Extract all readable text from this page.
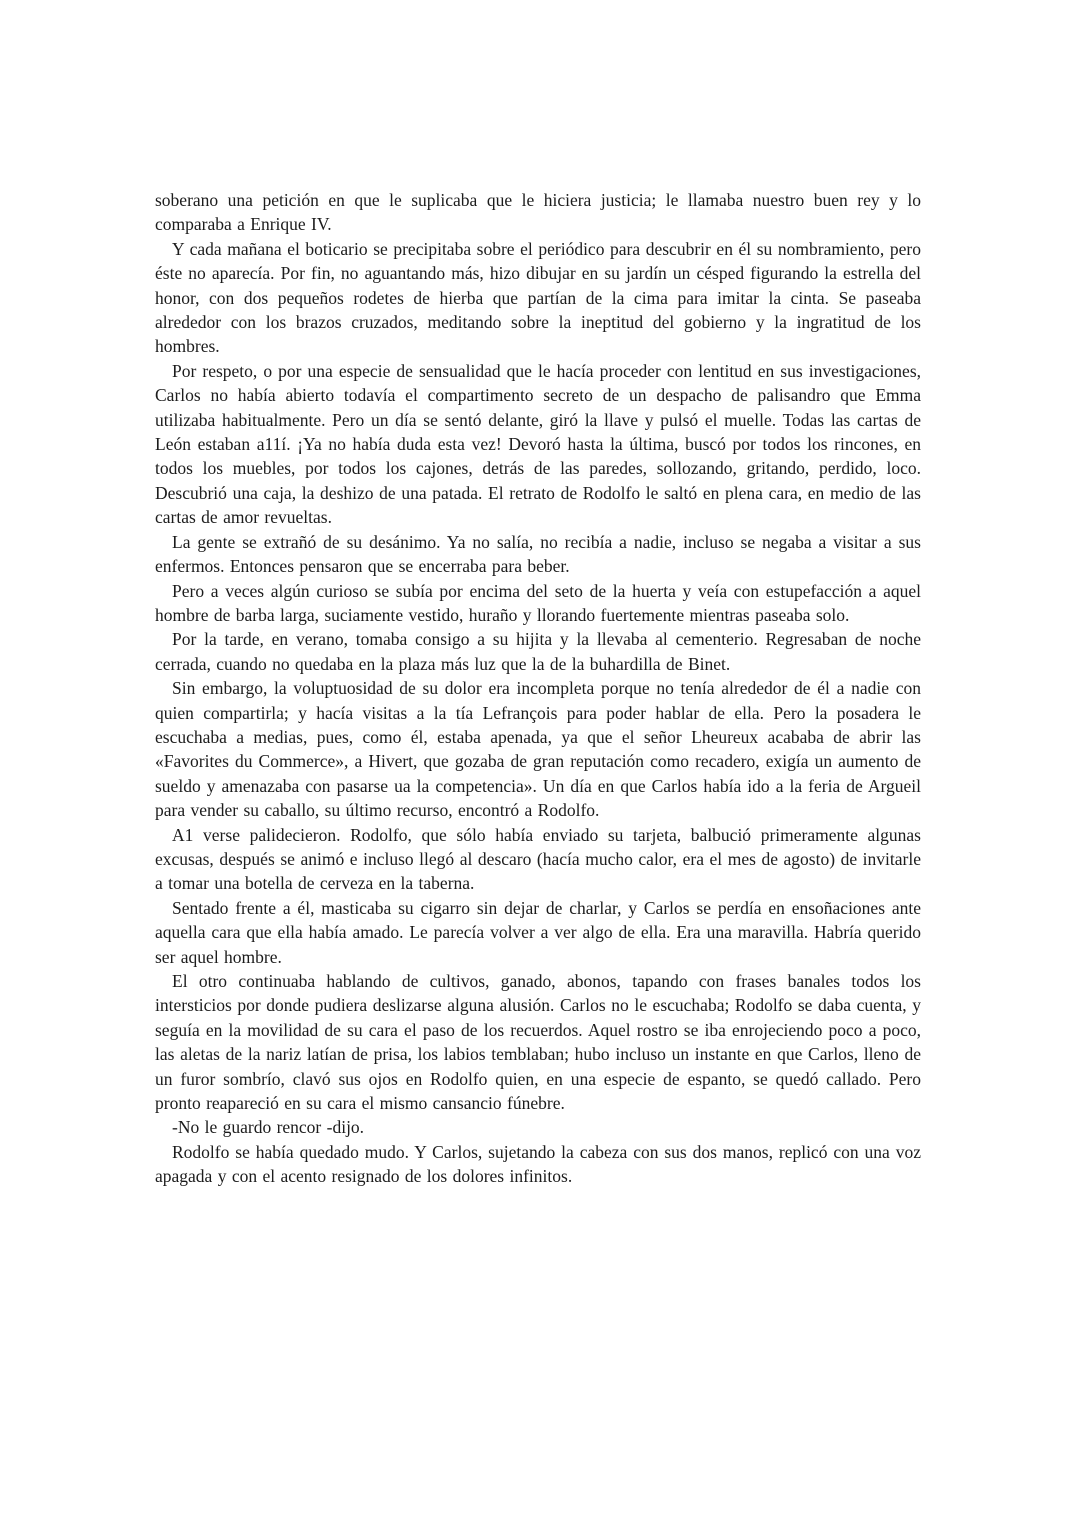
soberano una petición en que le suplicaba que le hiciera justicia; le llamaba nuestro buen rey y lo comparaba a Enrique IV.

Y cada mañana el boticario se precipitaba sobre el periódico para descubrir en él su nombramiento, pero éste no aparecía. Por fin, no aguantando más, hizo dibujar en su jardín un césped figurando la estrella del honor, con dos pequeños rodetes de hierba que partían de la cima para imitar la cinta. Se paseaba alrededor con los brazos cruzados, meditando sobre la ineptitud del gobierno y la ingratitud de los hombres.

Por respeto, o por una especie de sensualidad que le hacía proceder con lentitud en sus investigaciones, Carlos no había abierto todavía el compartimento secreto de un despacho de palisandro que Emma utilizaba habitualmente. Pero un día se sentó delante, giró la llave y pulsó el muelle. Todas las cartas de León estaban a11í. ¡Ya no había duda esta vez! Devoró hasta la última, buscó por todos los rincones, en todos los muebles, por todos los cajones, detrás de las paredes, sollozando, gritando, perdido, loco. Descubrió una caja, la deshizo de una patada. El retrato de Rodolfo le saltó en plena cara, en medio de las cartas de amor revueltas.

La gente se extrañó de su desánimo. Ya no salía, no recibía a nadie, incluso se negaba a visitar a sus enfermos. Entonces pensaron que se encerraba para beber.

Pero a veces algún curioso se subía por encima del seto de la huerta y veía con estupefacción a aquel hombre de barba larga, suciamente vestido, huraño y llorando fuertemente mientras paseaba solo.

Por la tarde, en verano, tomaba consigo a su hijita y la llevaba al cementerio. Regresaban de noche cerrada, cuando no quedaba en la plaza más luz que la de la buhardilla de Binet.

Sin embargo, la voluptuosidad de su dolor era incompleta porque no tenía alrededor de él a nadie con quien compartirla; y hacía visitas a la tía Lefrançois para poder hablar de ella. Pero la posadera le escuchaba a medias, pues, como él, estaba apenada, ya que el señor Lheureux acababa de abrir las «Favorites du Commerce», a Hivert, que gozaba de gran reputación como recadero, exigía un aumento de sueldo y amenazaba con pasarse ua la competencia». Un día en que Carlos había ido a la feria de Argueil para vender su caballo, su último recurso, encontró a Rodolfo.

A1 verse palidecieron. Rodolfo, que sólo había enviado su tarjeta, balbució primeramente algunas excusas, después se animó e incluso llegó al descaro (hacía mucho calor, era el mes de agosto) de invitarle a tomar una botella de cerveza en la taberna.

Sentado frente a él, masticaba su cigarro sin dejar de charlar, y Carlos se perdía en ensoñaciones ante aquella cara que ella había amado. Le parecía volver a ver algo de ella. Era una maravilla. Habría querido ser aquel hombre.

El otro continuaba hablando de cultivos, ganado, abonos, tapando con frases banales todos los intersticios por donde pudiera deslizarse alguna alusión. Carlos no le escuchaba; Rodolfo se daba cuenta, y seguía en la movilidad de su cara el paso de los recuerdos. Aquel rostro se iba enrojeciendo poco a poco, las aletas de la nariz latían de prisa, los labios temblaban; hubo incluso un instante en que Carlos, lleno de un furor sombrío, clavó sus ojos en Rodolfo quien, en una especie de espanto, se quedó callado. Pero pronto reapareció en su cara el mismo cansancio fúnebre.

-No le guardo rencor -dijo.

Rodolfo se había quedado mudo. Y Carlos, sujetando la cabeza con sus dos manos, replicó con una voz apagada y con el acento resignado de los dolores infinitos.
